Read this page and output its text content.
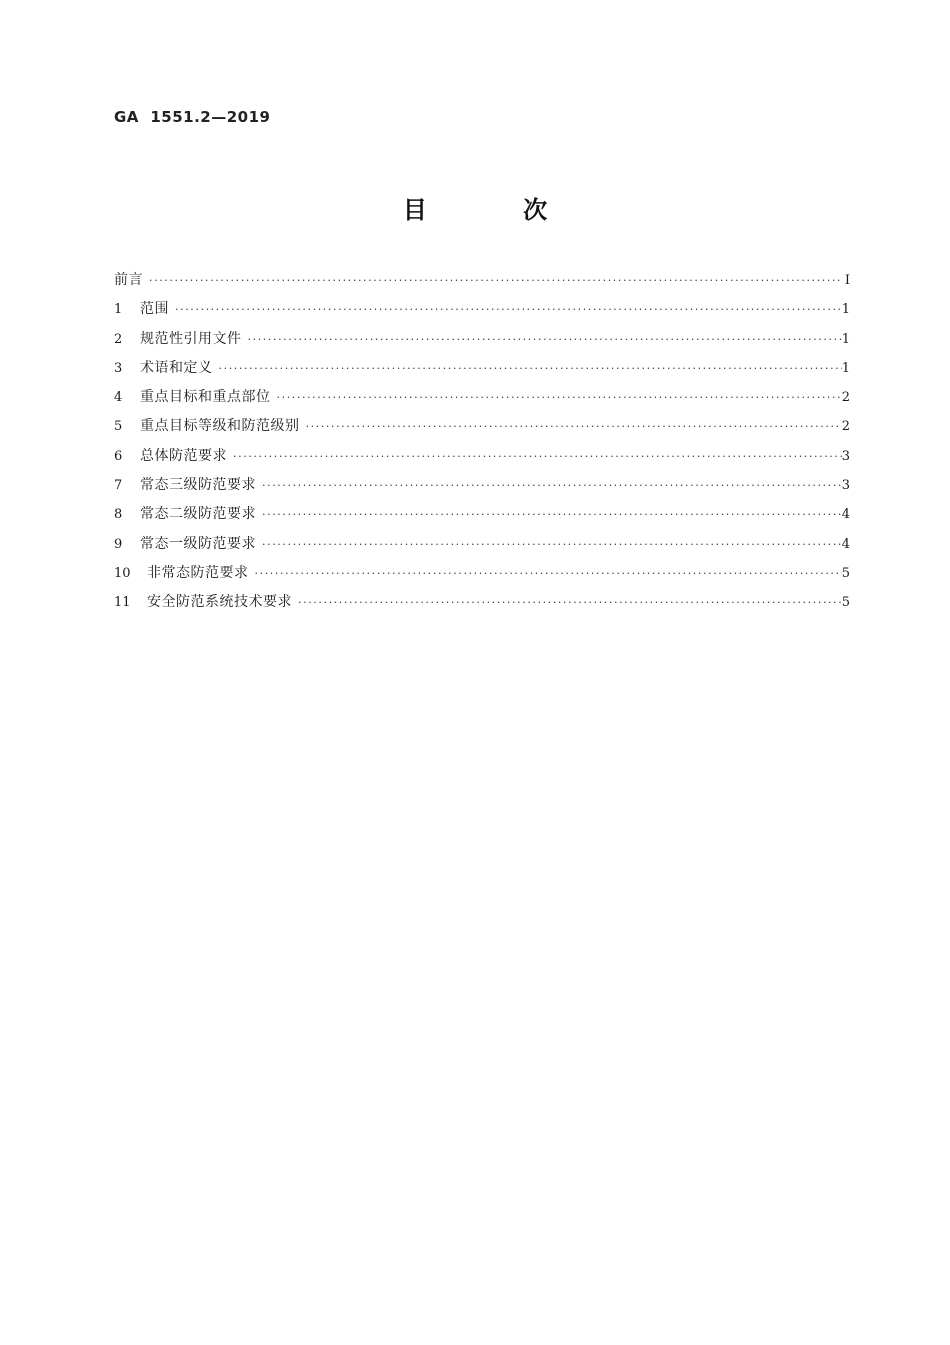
GA  1551.2—2019
目 次
前言 ·····	Ⅰ
1	范围 ·····	1
2	规范性引用文件 ·····	1
3	术语和定义 ·····	1
4	重点目标和重点部位 ·····	2
5	重点目标等级和防范级别 ·····	2
6	总体防范要求 ·····	3
7	常态三级防范要求 ·····	3
8	常态二级防范要求 ·····	4
9	常态一级防范要求 ·····	4
10	非常态防范要求 ·····	5
11	安全防范系统技术要求 ·····	5
